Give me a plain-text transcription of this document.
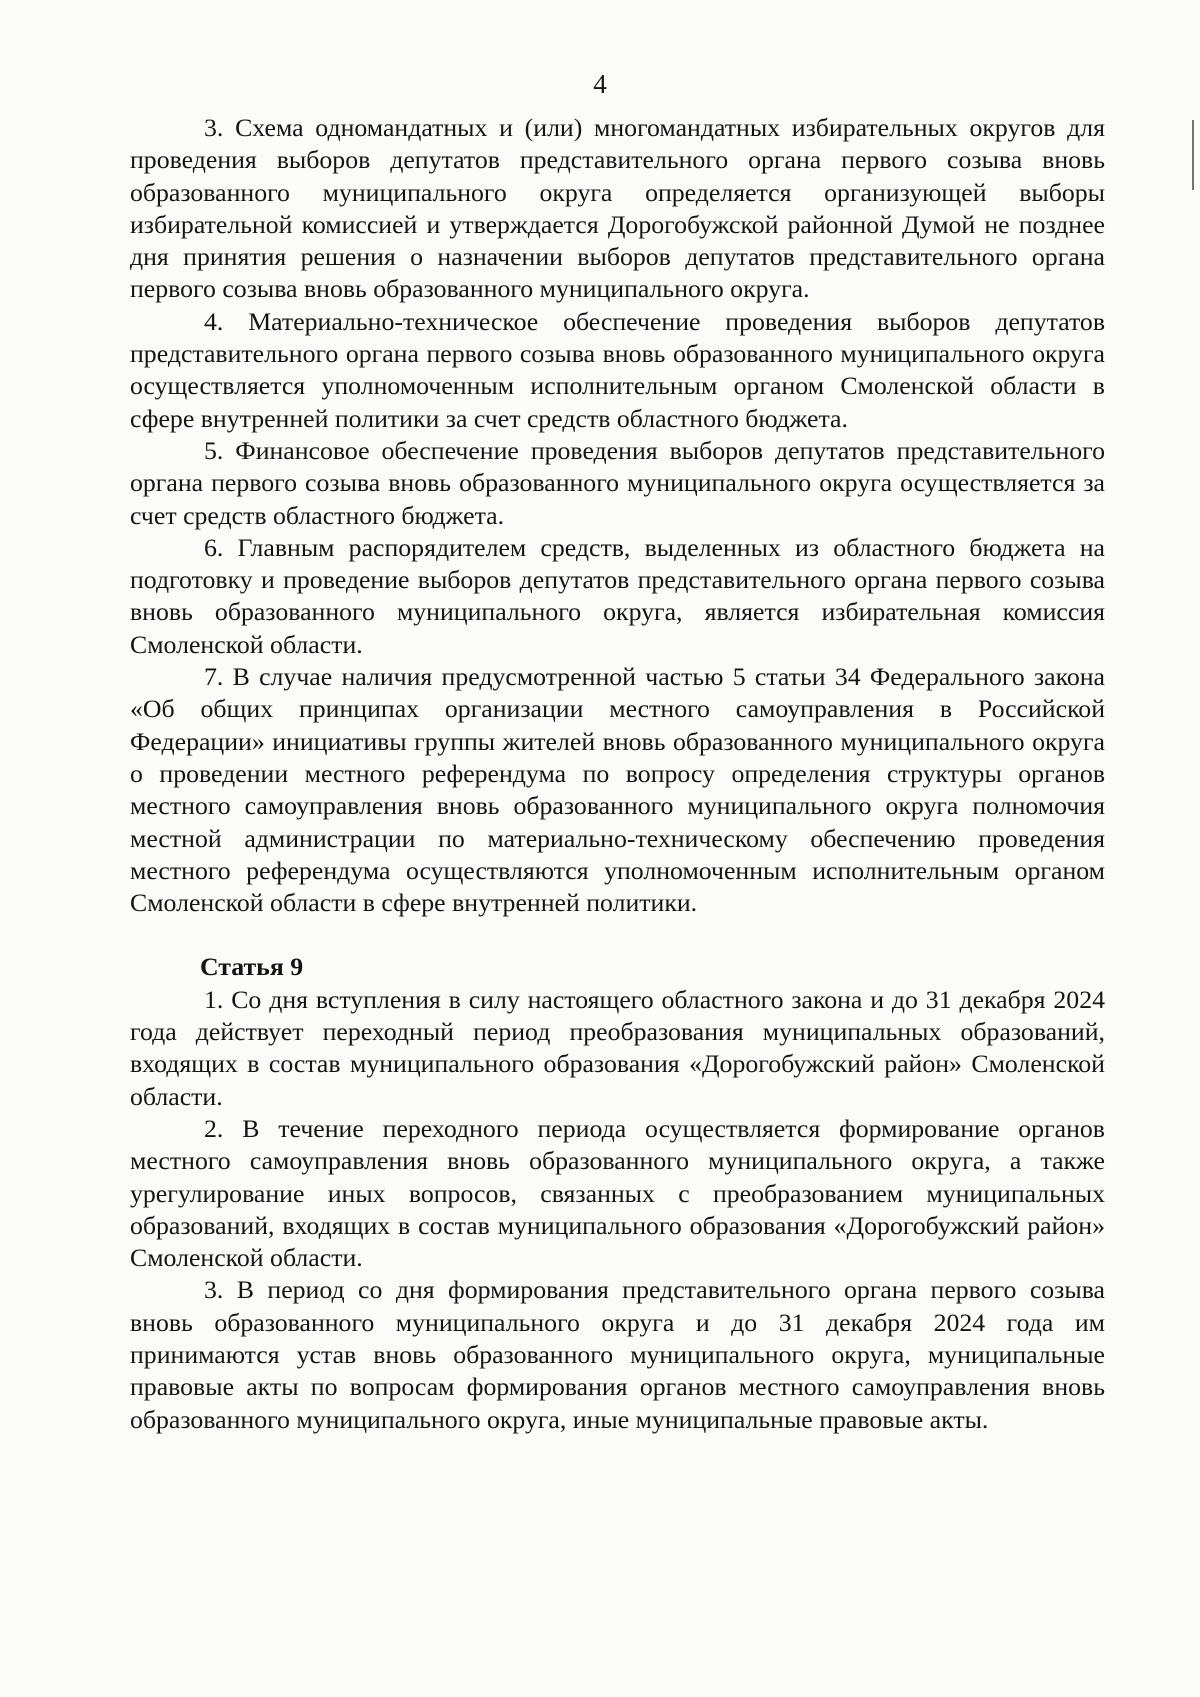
4

3. Схема одномандатных и (или) многомандатных избирательных округов для проведения выборов депутатов представительного органа первого созыва вновь образованного муниципального округа определяется организующей выборы избирательной комиссией и утверждается Дорогобужской районной Думой не позднее дня принятия решения о назначении выборов депутатов представительного органа первого созыва вновь образованного муниципального округа.

4. Материально-техническое обеспечение проведения выборов депутатов представительного органа первого созыва вновь образованного муниципального округа осуществляется уполномоченным исполнительным органом Смоленской области в сфере внутренней политики за счет средств областного бюджета.

5. Финансовое обеспечение проведения выборов депутатов представительного органа первого созыва вновь образованного муниципального округа осуществляется за счет средств областного бюджета.

6. Главным распорядителем средств, выделенных из областного бюджета на подготовку и проведение выборов депутатов представительного органа первого созыва вновь образованного муниципального округа, является избирательная комиссия Смоленской области.

7. В случае наличия предусмотренной частью 5 статьи 34 Федерального закона «Об общих принципах организации местного самоуправления в Российской Федерации» инициативы группы жителей вновь образованного муниципального округа о проведении местного референдума по вопросу определения структуры органов местного самоуправления вновь образованного муниципального округа полномочия местной администрации по материально-техническому обеспечению проведения местного референдума осуществляются уполномоченным исполнительным органом Смоленской области в сфере внутренней политики.

Статья 9

1. Со дня вступления в силу настоящего областного закона и до 31 декабря 2024 года действует переходный период преобразования муниципальных образований, входящих в состав муниципального образования «Дорогобужский район» Смоленской области.

2. В течение переходного периода осуществляется формирование органов местного самоуправления вновь образованного муниципального округа, а также урегулирование иных вопросов, связанных с преобразованием муниципальных образований, входящих в состав муниципального образования «Дорогобужский район» Смоленской области.

3. В период со дня формирования представительного органа первого созыва вновь образованного муниципального округа и до 31 декабря 2024 года им принимаются устав вновь образованного муниципального округа, муниципальные правовые акты по вопросам формирования органов местного самоуправления вновь образованного муниципального округа, иные муниципальные правовые акты.
